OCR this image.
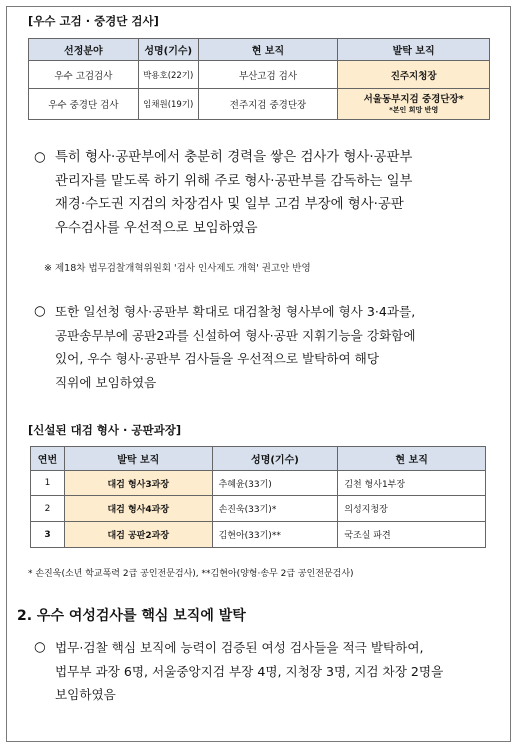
[우수 고검 · 중경단 검사]
선정분야	성명(기수)	현 보직	발탁 보직
우수 고검검사	박용호(22기)	부산고검 검사	진주지청장
우수 중경단 검사	임채원(19기)	전주지검 중경단장	서울동부지검 중경단장*
*본인 희망 반영
○ 특히 형사·공판부에서 충분히 경력을 쌓은 검사가 형사·공판부
관리자를 맡도록 하기 위해 주로 형사·공판부를 감독하는 일부
재경·수도권 지검의 차장검사 및 일부 고검 부장에 형사·공판
우수검사를 우선적으로 보임하였음
※ 제18차 법무검찰개혁위원회 '검사 인사제도 개혁' 권고안 반영
○ 또한 일선청 형사·공판부 확대로 대검찰청 형사부에 형사 3·4과를,
공판송무부에 공판2과를 신설하여 형사·공판 지휘기능을 강화함에
있어, 우수 형사·공판부 검사들을 우선적으로 발탁하여 해당
직위에 보임하였음
[신설된 대검 형사 · 공판과장]
연번	발탁 보직	성명(기수)	현 보직
1	대검 형사3과장	추혜윤(33기)	김천 형사1부장
2	대검 형사4과장	손진욱(33기)*	의성지청장
3	대검 공판2과장	김현아(33기)**	국조실 파견
* 손진욱(소년 학교폭력 2급 공인전문검사), **김현아(양형·송무 2급 공인전문검사)
2. 우수 여성검사를 핵심 보직에 발탁
○ 법무·검찰 핵심 보직에 능력이 검증된 여성 검사들을 적극 발탁하여,
법무부 과장 6명, 서울중앙지검 부장 4명, 지청장 3명, 지검 차장 2명을
보임하였음
